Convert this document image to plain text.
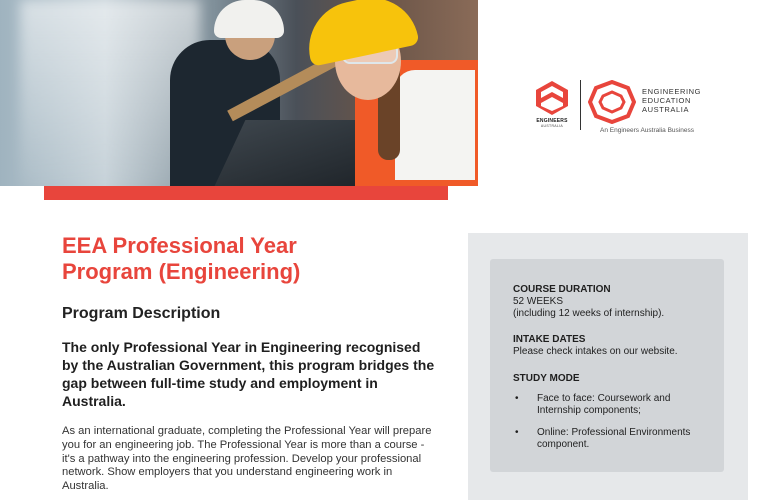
ENGINEERS
AUSTRALIA
ENGINEERING
EDUCATION
AUSTRALIA
An Engineers Australia Business
EEA Professional Year
Program (Engineering)
Program Description

The only Professional Year in Engineering recognised by the Australian Government, this program bridges the gap between full-time study and employment in Australia.

As an international graduate, completing the Professional Year will prepare you for an engineering job. The Professional Year is more than a course - it's a pathway into the engineering profession. Develop your professional network. Show employers that you understand engineering work in Australia.

COURSE DURATION
52 WEEKS
(including 12 weeks of internship).
INTAKE DATES
Please check intakes on our website.
STUDY MODE
• Face to face: Coursework and Internship components;
• Online: Professional Environments component.
